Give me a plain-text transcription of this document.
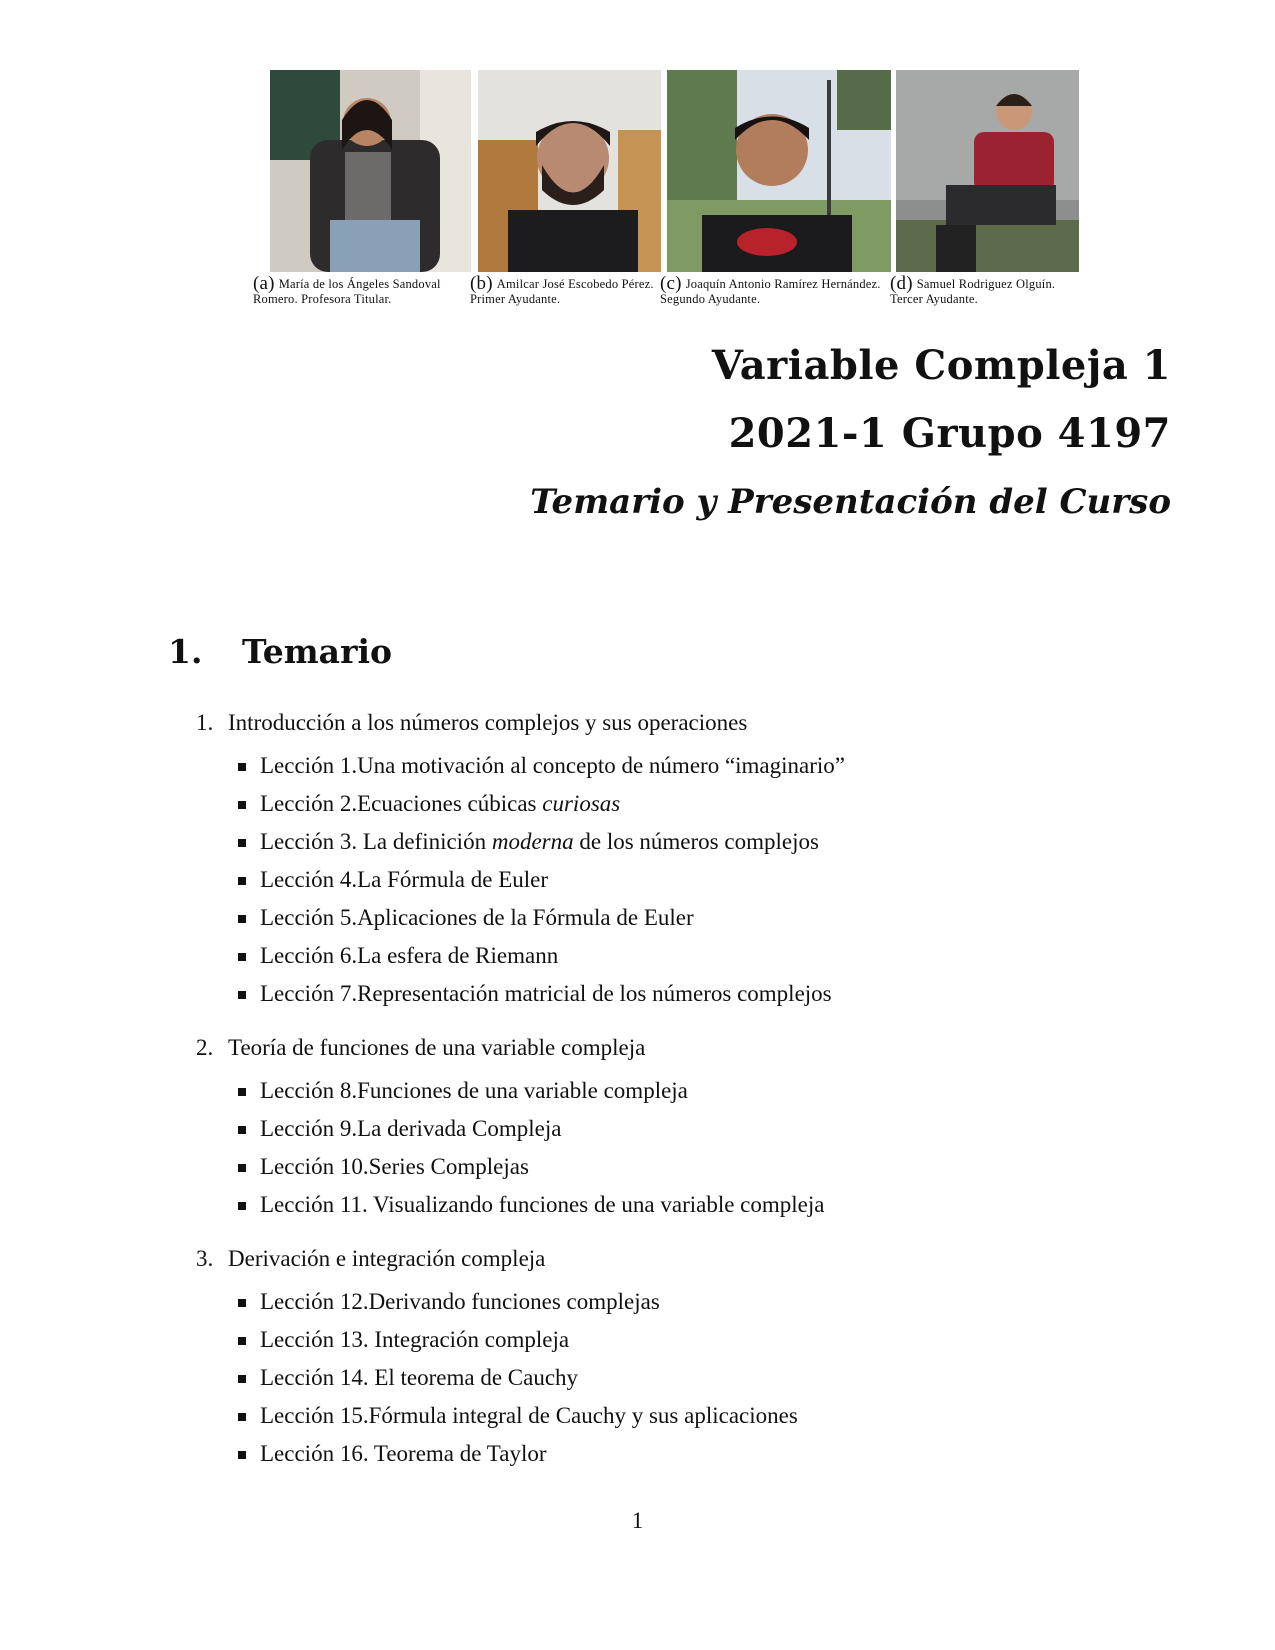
(a) María de los Ángeles Sandoval Romero. Profesora Titular.
(b) Amilcar José Escobedo Pérez. Primer Ayudante.
(c) Joaquín Antonio Ramírez Hernández. Segundo Ayudante.
(d) Samuel Rodriguez Olguín. Tercer Ayudante.
Variable Compleja 1
2021-1 Grupo 4197
Temario y Presentación del Curso
1. Temario
1. Introducción a los números complejos y sus operaciones
Lección 1.Una motivación al concepto de número “imaginario”
Lección 2.Ecuaciones cúbicas curiosas
Lección 3. La definición moderna de los números complejos
Lección 4.La Fórmula de Euler
Lección 5.Aplicaciones de la Fórmula de Euler
Lección 6.La esfera de Riemann
Lección 7.Representación matricial de los números complejos
2. Teoría de funciones de una variable compleja
Lección 8.Funciones de una variable compleja
Lección 9.La derivada Compleja
Lección 10.Series Complejas
Lección 11. Visualizando funciones de una variable compleja
3. Derivación e integración compleja
Lección 12.Derivando funciones complejas
Lección 13. Integración compleja
Lección 14. El teorema de Cauchy
Lección 15.Fórmula integral de Cauchy y sus aplicaciones
Lección 16. Teorema de Taylor
1
